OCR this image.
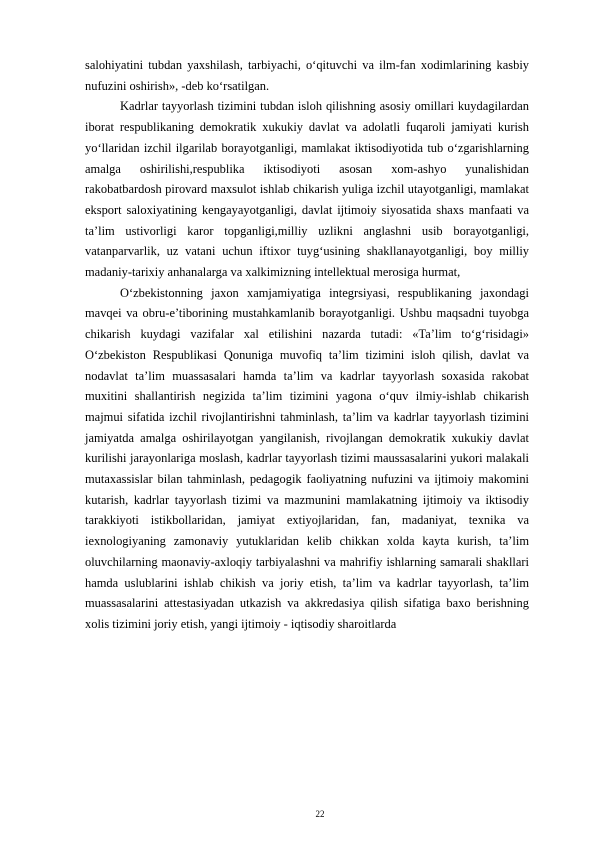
salohiyatini tubdan yaxshilash, tarbiyachi, o‘qituvchi va ilm-fan xodimlarining kasbiy nufuzini oshirish», -deb ko‘rsatilgan.

Kadrlar tayyorlash tizimini tubdan isloh qilishning asosiy omillari kuydagilardan iborat respublikaning demokratik xukukiy davlat va adolatli fuqaroli jamiyati kurish yo‘llaridan izchil ilgarilab borayotganligi, mamlakat iktisodiyotida tub o‘zgarishlarning amalga oshirilishi,respublika iktisodiyoti asosan xom-ashyo yunalishidan rakobatbardosh pirovard maxsulot ishlab chikarish yuliga izchil utayotganligi, mamlakat eksport saloxiyatining kengayayotganligi, davlat ijtimoiy siyosatida shaxs manfaati va ta’lim ustivorligi karor topganligi,milliy uzlikni anglashni usib borayotganligi, vatanparvarlik, uz vatani uchun iftixor tuyg‘usining shakllanayotganligi, boy milliy madaniy-tarixiy anhanalarga va xalkimizning intellektual merosiga hurmat,

O‘zbekistonning jaxon xamjamiyatiga integrsiyasi, respublikaning jaxondagi mavqei va obru-e’tiborining mustahkamlanib borayotganligi. Ushbu maqsadni tuyobga chikarish kuydagi vazifalar xal etilishini nazarda tutadi: «Ta’lim to‘g‘risidagi» O‘zbekiston Respublikasi Qonuniga muvofiq ta’lim tizimini isloh qilish, davlat va nodavlat ta’lim muassasalari hamda ta’lim va kadrlar tayyorlash soxasida rakobat muxitini shallantirish negizida ta’lim tizimini yagona o‘quv ilmiy-ishlab chikarish majmui sifatida izchil rivojlantirishni tahminlash, ta’lim va kadrlar tayyorlash tizimini jamiyatda amalga oshirilayotgan yangilanish, rivojlangan demokratik xukukiy davlat kurilishi jarayonlariga moslash, kadrlar tayyorlash tizimi maussasalarini yukori malakali mutaxassislar bilan tahminlash, pedagogik faoliyatning nufuzini va ijtimoiy makomini kutarish, kadrlar tayyorlash tizimi va mazmunini mamlakatning ijtimoiy va iktisodiy tarakkiyoti istikbollaridan, jamiyat extiyojlaridan, fan, madaniyat, texnika va iexnologiyaning zamonaviy yutuklaridan kelib chikkan xolda kayta kurish, ta’lim oluvchilarning maonaviy-axloqiy tarbiyalashni va mahrifiy ishlarning samarali shakllari hamda uslublarini ishlab chikish va joriy etish, ta’lim va kadrlar tayyorlash, ta’lim muassasalarini attestasiyadan utkazish va akkredasiya qilish sifatiga baxo berishning xolis tizimini joriy etish, yangi ijtimoiy - iqtisodiy sharoitlarda

22
